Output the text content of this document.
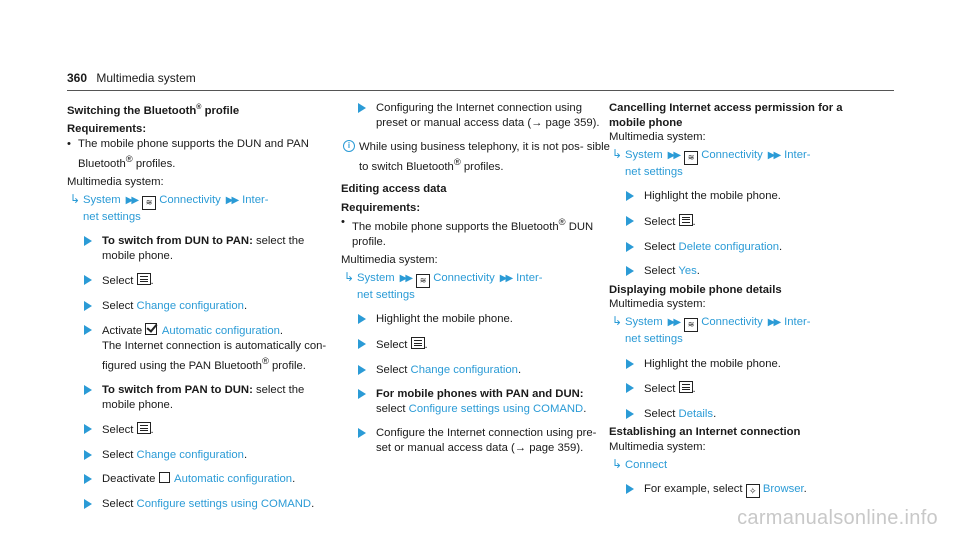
360 Multimedia system
Switching the Bluetooth® profile
Requirements:
• The mobile phone supports the DUN and PAN Bluetooth® profiles.
Multimedia system:
↳ System ▶▶ ≋ Connectivity ▶▶ Inter-
net settings
To switch from DUN to PAN: select the mobile phone.
Select .
Select Change configuration.
Activate  Automatic configuration.
The Internet connection is automatically con- figured using the PAN Bluetooth® profile.
To switch from PAN to DUN: select the mobile phone.
Select .
Select Change configuration.
Deactivate  Automatic configuration.
Select Configure settings using COMAND.
Configuring the Internet connection using preset or manual access data (→ page 359).
i While using business telephony, it is not pos- sible to switch Bluetooth® profiles.
Editing access data
Requirements:
• The mobile phone supports the Bluetooth® DUN profile.
Multimedia system:
↳ System ▶▶ ≋ Connectivity ▶▶ Inter-
net settings
Highlight the mobile phone.
Select .
Select Change configuration.
For mobile phones with PAN and DUN:
select Configure settings using COMAND.
Configure the Internet connection using pre- set or manual access data (→ page 359).
Cancelling Internet access permission for a mobile phone
Multimedia system:
↳ System ▶▶ ≋ Connectivity ▶▶ Inter-
net settings
Highlight the mobile phone.
Select .
Select Delete configuration.
Select Yes.
Displaying mobile phone details
Multimedia system:
↳ System ▶▶ ≋ Connectivity ▶▶ Inter-
net settings
Highlight the mobile phone.
Select .
Select Details.
Establishing an Internet connection
Multimedia system:
↳ Connect
For example, select ✧ Browser.
carmanualsonline.info
